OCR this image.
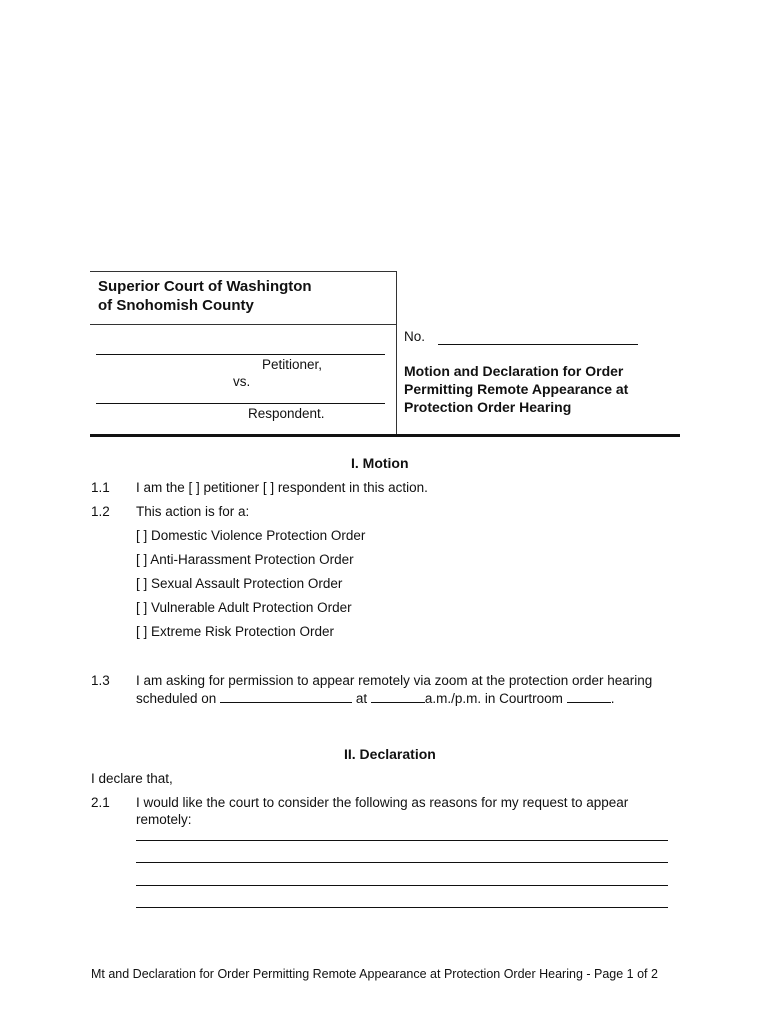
Superior Court of Washington
of Snohomish County
Petitioner,
vs.
Respondent.
No.
Motion and Declaration for Order
Permitting Remote Appearance at
Protection Order Hearing
I. Motion
1.1 I am the [ ] petitioner [ ] respondent in this action.
1.2 This action is for a:
[ ] Domestic Violence Protection Order
[ ] Anti-Harassment Protection Order
[ ] Sexual Assault Protection Order
[ ] Vulnerable Adult Protection Order
[ ] Extreme Risk Protection Order
1.3 I am asking for permission to appear remotely via zoom at the protection order hearing
scheduled on	at	a.m./p.m. in Courtroom	.
II. Declaration
I declare that,
2.1 I would like the court to consider the following as reasons for my request to appear
remotely:
Mt and Declaration for Order Permitting Remote Appearance at Protection Order Hearing - Page 1 of 2
